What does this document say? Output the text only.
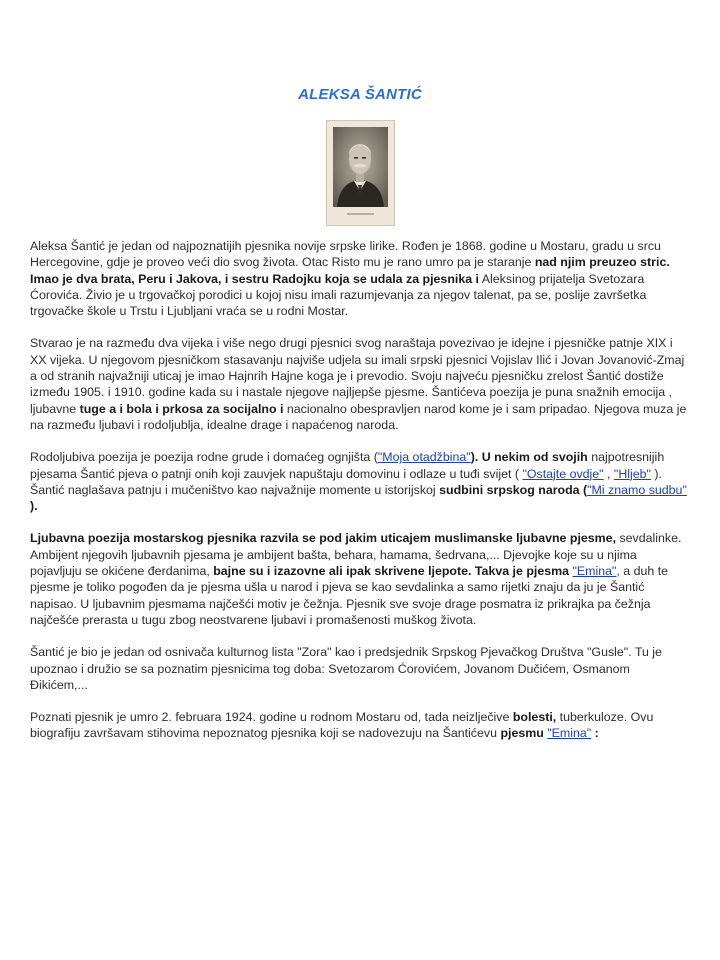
ALEKSA ŠANTIĆ

Aleksa Šantić je jedan od najpoznatijih pjesnika novije srpske lirike. Rođen je 1868. godine u Mostaru, gradu u srcu Hercegovine, gdje je proveo veći dio svog života. Otac Risto mu je rano umro pa je staranje nad njim preuzeo stric. Imao je dva brata, Peru i Jakova, i sestru Radojku koja se udala za pjesnika i Aleksinog prijatelja Svetozara Ćorovića. Živio je u trgovačkoj porodici u kojoj nisu imali razumjevanja za njegov talenat, pa se, poslije završetka trgovačke škole u Trstu i Ljubljani vraća se u rodni Mostar.

Stvarao je na razmeđu dva vijeka i više nego drugi pjesnici svog naraštaja povezivao je idejne i pjesničke patnje XIX i XX vijeka. U njegovom pjesničkom stasavanju najviše udjela su imali srpski pjesnici Vojislav Ilić i Jovan Jovanović-Zmaj a od stranih najvažniji uticaj je imao Hajnrih Hajne koga je i prevodio. Svoju najveću pjesničku zrelost Šantić dostiže između 1905. i 1910. godine kada su i nastale njegove najljepše pjesme. Šantićeva poezija je puna snažnih emocija , ljubavne tuge a i bola i prkosa za socijalno i nacionalno obespravljen narod kome je i sam pripadao. Njegova muza je na razmeđu ljubavi i rodoljublja, idealne drage i napaćenog naroda.

Rodoljubiva poezija je poezija rodne grude i domaćeg ognjišta ("Moja otadžbina"). U nekim od svojih najpotresnijih pjesama Šantić pjeva o patnji onih koji zauvjek napuštaju domovinu i odlaze u tuđi svijet ( "Ostajte ovdje" , "Hljeb" ). Šantić naglašava patnju i mučeništvo kao najvažnije momente u istorijskoj sudbini srpskog naroda ("Mi znamo sudbu" ).

Ljubavna poezija mostarskog pjesnika razvila se pod jakim uticajem muslimanske ljubavne pjesme, sevdalinke. Ambijent njegovih ljubavnih pjesama je ambijent bašta, behara, hamama, šedrvana,... Djevojke koje su u njima pojavljuju se okićene đerdanima, bajne su i izazovne ali ipak skrivene ljepote. Takva je pjesma "Emina", a duh te pjesme je toliko pogođen da je pjesma ušla u narod i pjeva se kao sevdalinka a samo rijetki znaju da ju je Šantić napisao. U ljubavnim pjesmama najčešći motiv je čežnja. Pjesnik sve svoje drage posmatra iz prikrajka pa čežnja najčešće prerasta u tugu zbog neostvarene ljubavi i promašenosti muškog života.

Šantić je bio je jedan od osnivača kulturnog lista "Zora" kao i predsjednik Srpskog Pjevačkog Društva "Gusle". Tu je upoznao i družio se sa poznatim pjesnicima tog doba: Svetozarom Ćorovićem, Jovanom Dučićem, Osmanom Đikićem,...

Poznati pjesnik je umro 2. februara 1924. godine u rodnom Mostaru od, tada neizlječive bolesti, tuberkuloze. Ovu biografiju završavam stihovima nepoznatog pjesnika koji se nadovezuju na Šantićevu pjesmu "Emina" :
